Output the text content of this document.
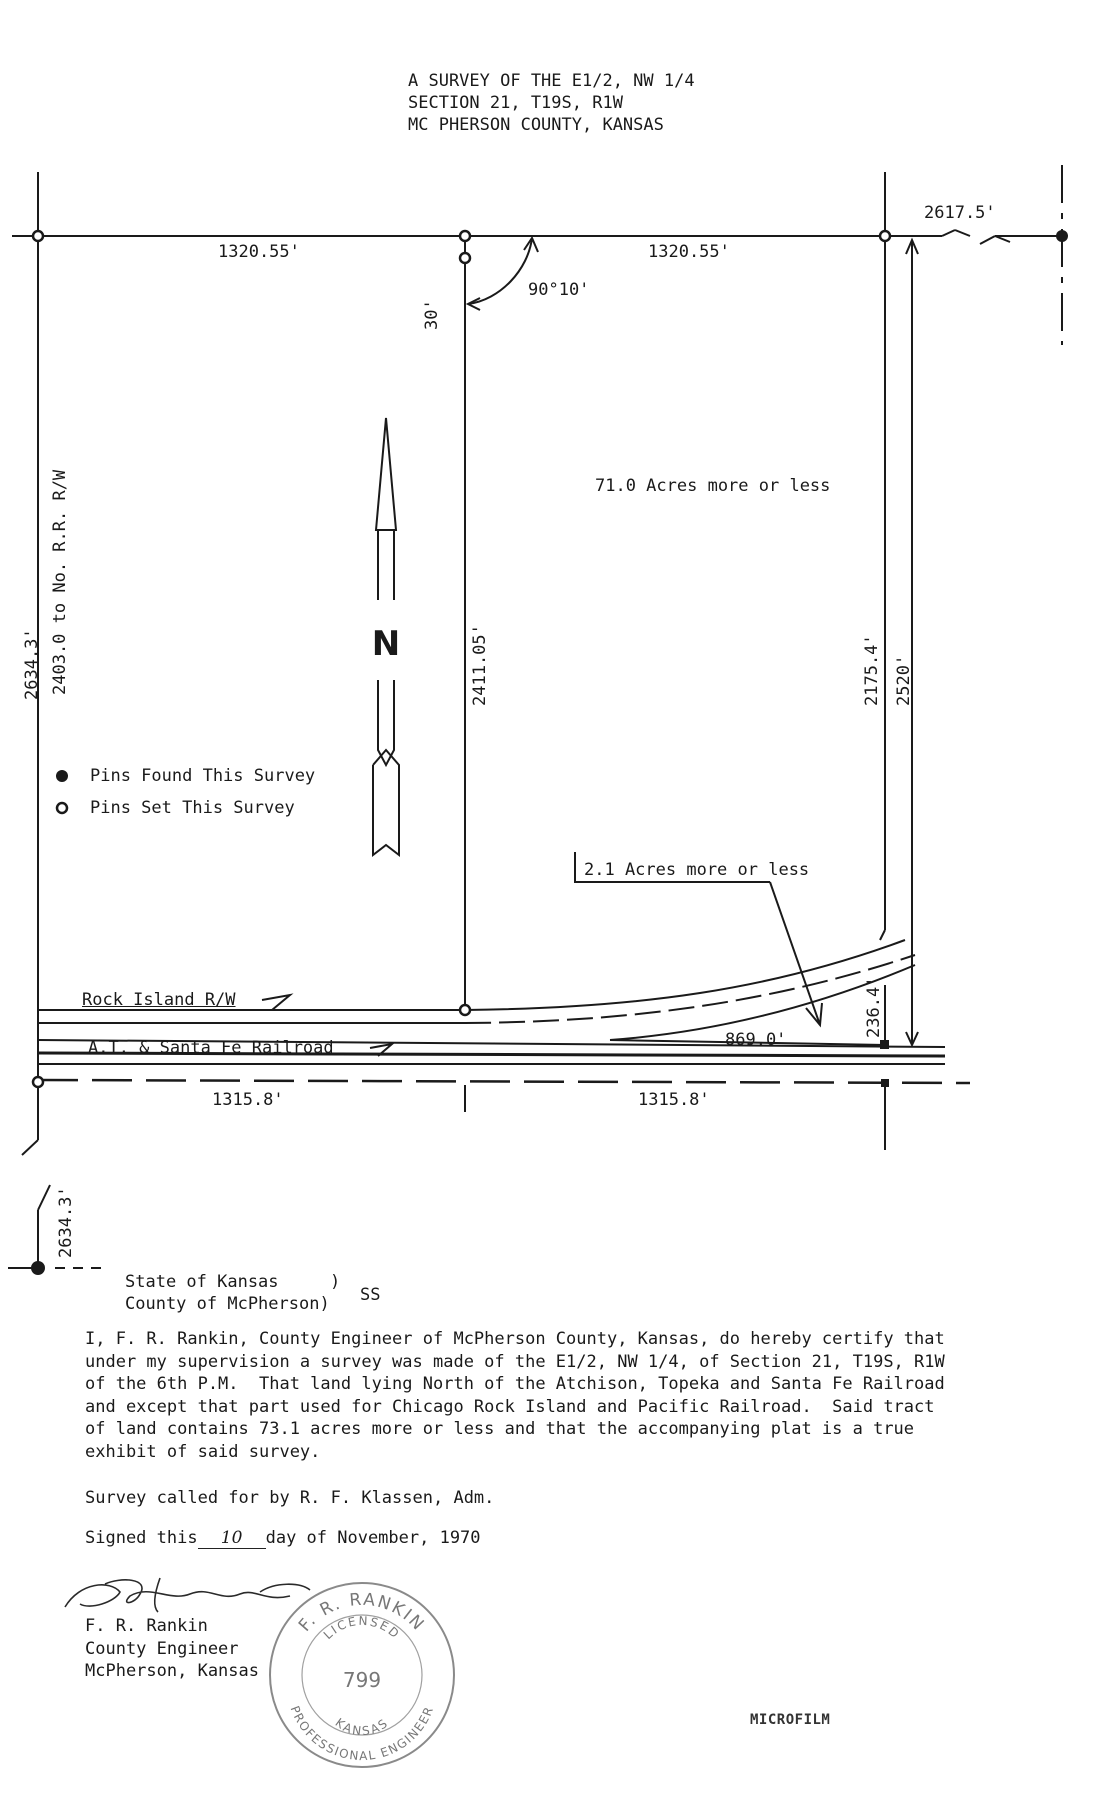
A SURVEY OF THE E1/2, NW 1/4
SECTION 21, T19S, R1W
MC PHERSON COUNTY, KANSAS
N
1320.55'	1320.55'
2617.5'
90°10'
30'
71.0 Acres more or less
2.1 Acres more or less
2634.3' 2403.0 to No. R.R. R/W	2411.05'	2175.4' 2520'
Rock Island R/W
A.T. & Santa Fe Railroad	869.0'
236.4'
1315.8'	1315.8'
2634.3'
Pins Found This Survey
Pins Set This Survey
State of Kansas	)
County of McPherson) SS
I, F. R. Rankin, County Engineer of McPherson County, Kansas, do hereby certify that
under my supervision a survey was made of the E1/2, NW 1/4, of Section 21, T19S, R1W
of the 6th P.M.  That land lying North of the Atchison, Topeka and Santa Fe Railroad
and except that part used for Chicago Rock Island and Pacific Railroad.  Said tract
of land contains 73.1 acres more or less and that the accompanying plat is a true
exhibit of said survey.
Survey called for by R. F. Klassen, Adm.
Signed this 10 day of November, 1970
F. R. Rankin
County Engineer
McPherson, Kansas
F. R. RANKIN
PROFESSIONAL ENGINEER
LICENSED
KANSAS
799
MICROFILM
